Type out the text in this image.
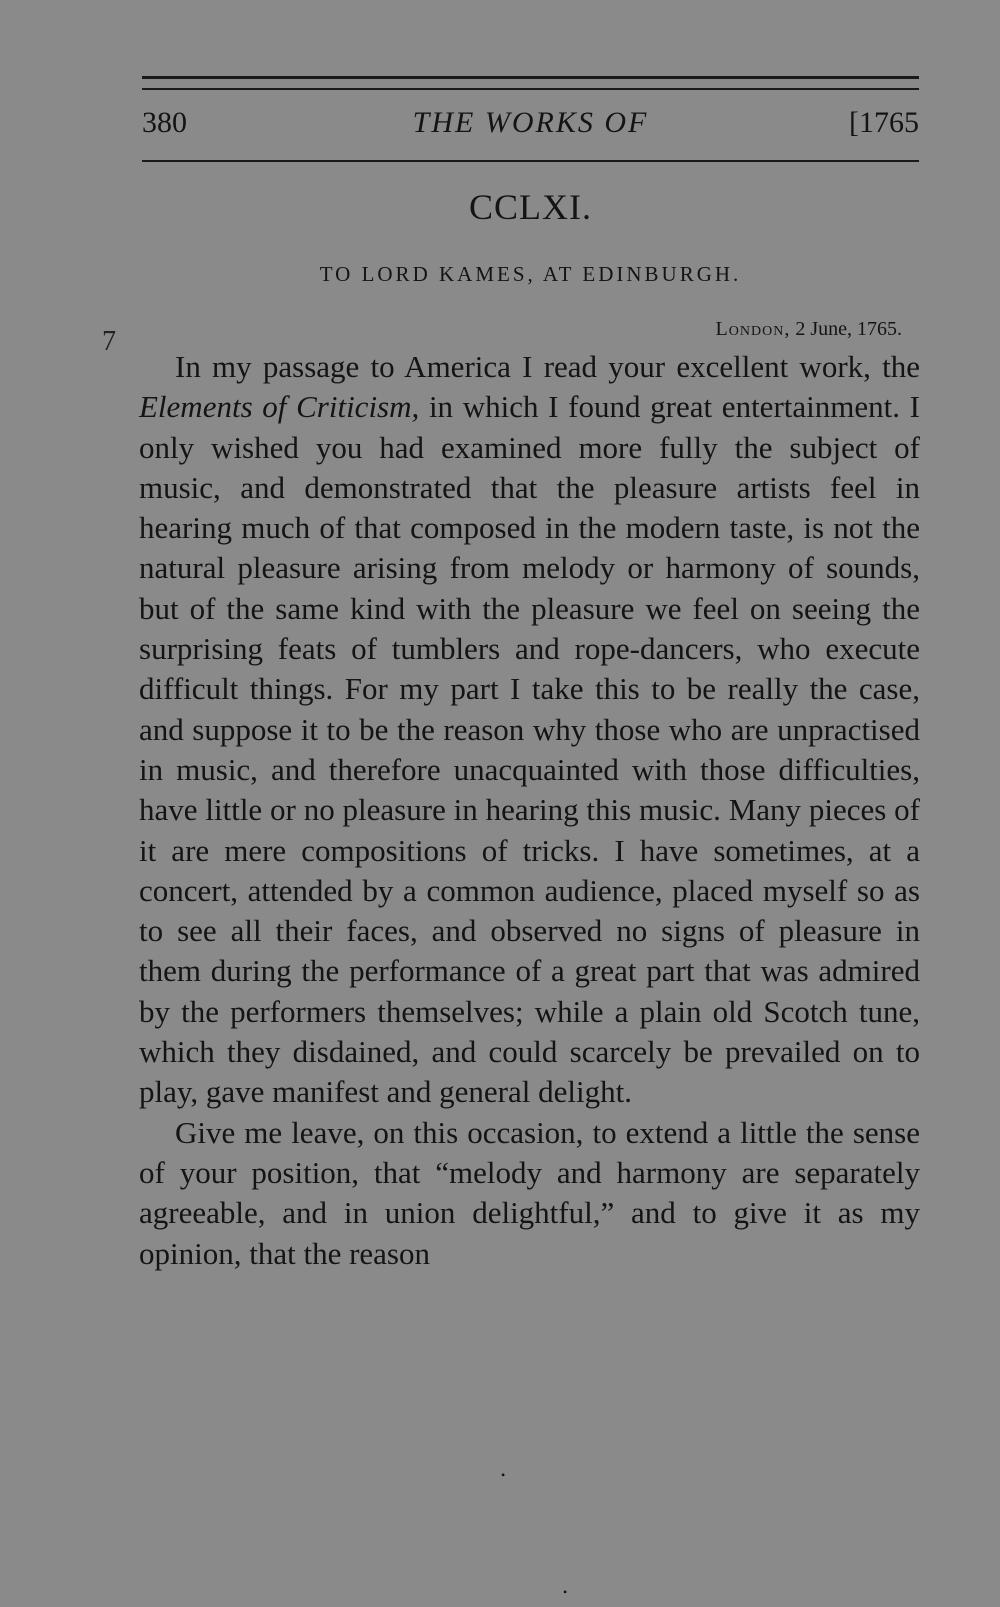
380	THE WORKS OF	[1765
CCLXI.
TO LORD KAMES, AT EDINBURGH.
London, 2 June, 1765.
7

In my passage to America I read your excellent work, the Elements of Criticism, in which I found great entertainment. I only wished you had examined more fully the subject of music, and demonstrated that the pleasure artists feel in hearing much of that composed in the modern taste, is not the natural pleasure arising from melody or harmony of sounds, but of the same kind with the pleasure we feel on seeing the surprising feats of tumblers and rope-dancers, who execute difficult things. For my part I take this to be really the case, and suppose it to be the reason why those who are unpractised in music, and therefore unacquainted with those difficulties, have little or no pleasure in hearing this music. Many pieces of it are mere compositions of tricks. I have sometimes, at a concert, attended by a common audience, placed myself so as to see all their faces, and observed no signs of pleasure in them during the performance of a great part that was admired by the performers themselves; while a plain old Scotch tune, which they disdained, and could scarcely be prevailed on to play, gave manifest and general delight.

Give me leave, on this occasion, to extend a little the sense of your position, that “melody and harmony are separately agreeable, and in union delightful,” and to give it as my opinion, that the reason

•
•
